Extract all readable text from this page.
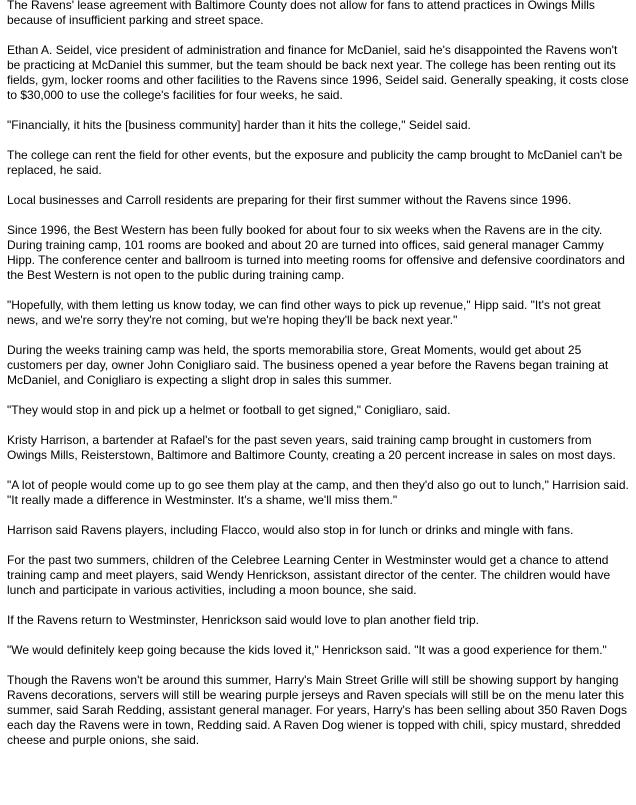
The Ravens' lease agreement with Baltimore County does not allow for fans to attend practices in Owings Mills because of insufficient parking and street space.

Ethan A. Seidel, vice president of administration and finance for McDaniel, said he's disappointed the Ravens won't be practicing at McDaniel this summer, but the team should be back next year. The college has been renting out its fields, gym, locker rooms and other facilities to the Ravens since 1996, Seidel said. Generally speaking, it costs close to $30,000 to use the college's facilities for four weeks, he said.

"Financially, it hits the [business community] harder than it hits the college," Seidel said.

The college can rent the field for other events, but the exposure and publicity the camp brought to McDaniel can't be replaced, he said.

Local businesses and Carroll residents are preparing for their first summer without the Ravens since 1996.

Since 1996, the Best Western has been fully booked for about four to six weeks when the Ravens are in the city. During training camp, 101 rooms are booked and about 20 are turned into offices, said general manager Cammy Hipp. The conference center and ballroom is turned into meeting rooms for offensive and defensive coordinators and the Best Western is not open to the public during training camp.

"Hopefully, with them letting us know today, we can find other ways to pick up revenue," Hipp said. "It's not great news, and we're sorry they're not coming, but we're hoping they'll be back next year."

During the weeks training camp was held, the sports memorabilia store, Great Moments, would get about 25 customers per day, owner John Conigliaro said. The business opened a year before the Ravens began training at McDaniel, and Conigliaro is expecting a slight drop in sales this summer.

"They would stop in and pick up a helmet or football to get signed," Conigliaro, said.

Kristy Harrison, a bartender at Rafael's for the past seven years, said training camp brought in customers from Owings Mills, Reisterstown, Baltimore and Baltimore County, creating a 20 percent increase in sales on most days.

"A lot of people would come up to go see them play at the camp, and then they'd also go out to lunch," Harrision said. "It really made a difference in Westminster. It's a shame, we'll miss them."

Harrison said Ravens players, including Flacco, would also stop in for lunch or drinks and mingle with fans.

For the past two summers, children of the Celebree Learning Center in Westminster would get a chance to attend training camp and meet players, said Wendy Henrickson, assistant director of the center. The children would have lunch and participate in various activities, including a moon bounce, she said.

If the Ravens return to Westminster, Henrickson said would love to plan another field trip.

"We would definitely keep going because the kids loved it," Henrickson said. "It was a good experience for them."

Though the Ravens won't be around this summer, Harry's Main Street Grille will still be showing support by hanging Ravens decorations, servers will still be wearing purple jerseys and Raven specials will still be on the menu later this summer, said Sarah Redding, assistant general manager. For years, Harry's has been selling about 350 Raven Dogs each day the Ravens were in town, Redding said. A Raven Dog wiener is topped with chili, spicy mustard, shredded cheese and purple onions, she said.
